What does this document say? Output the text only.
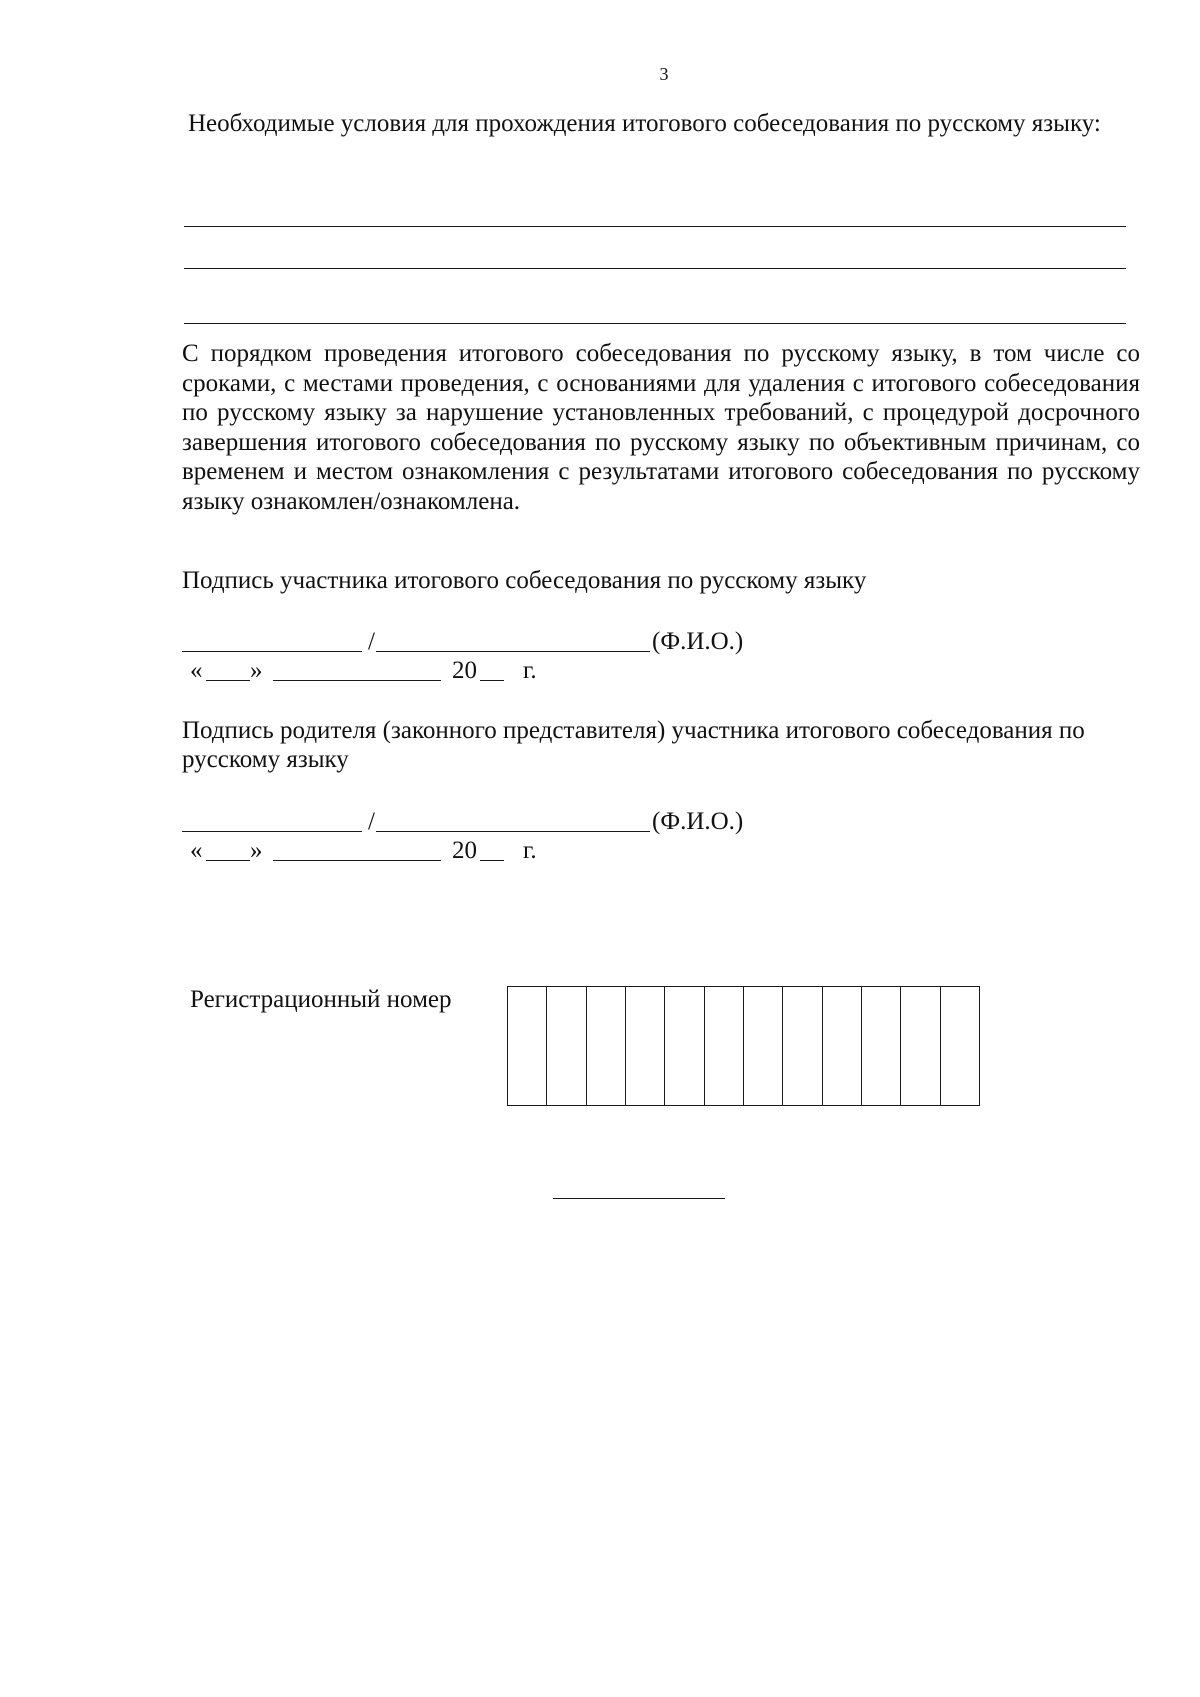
3
Необходимые условия для прохождения итогового собеседования по русскому языку:
С порядком проведения итогового собеседования по русскому языку, в том числе со сроками, с местами проведения, с основаниями для удаления с итогового собеседования по русскому языку за нарушение установленных требований, с процедурой досрочного завершения итогового собеседования по русскому языку по объективным причинам, со временем и местом ознакомления с результатами итогового собеседования по русскому языку ознакомлен/ознакомлена.
Подпись участника итогового собеседования по русскому языку
/	(Ф.И.О.)
« »	20 г.
Подпись родителя (законного представителя) участника итогового собеседования по русскому языку
/	(Ф.И.О.)
« »	20 г.
Регистрационный номер
